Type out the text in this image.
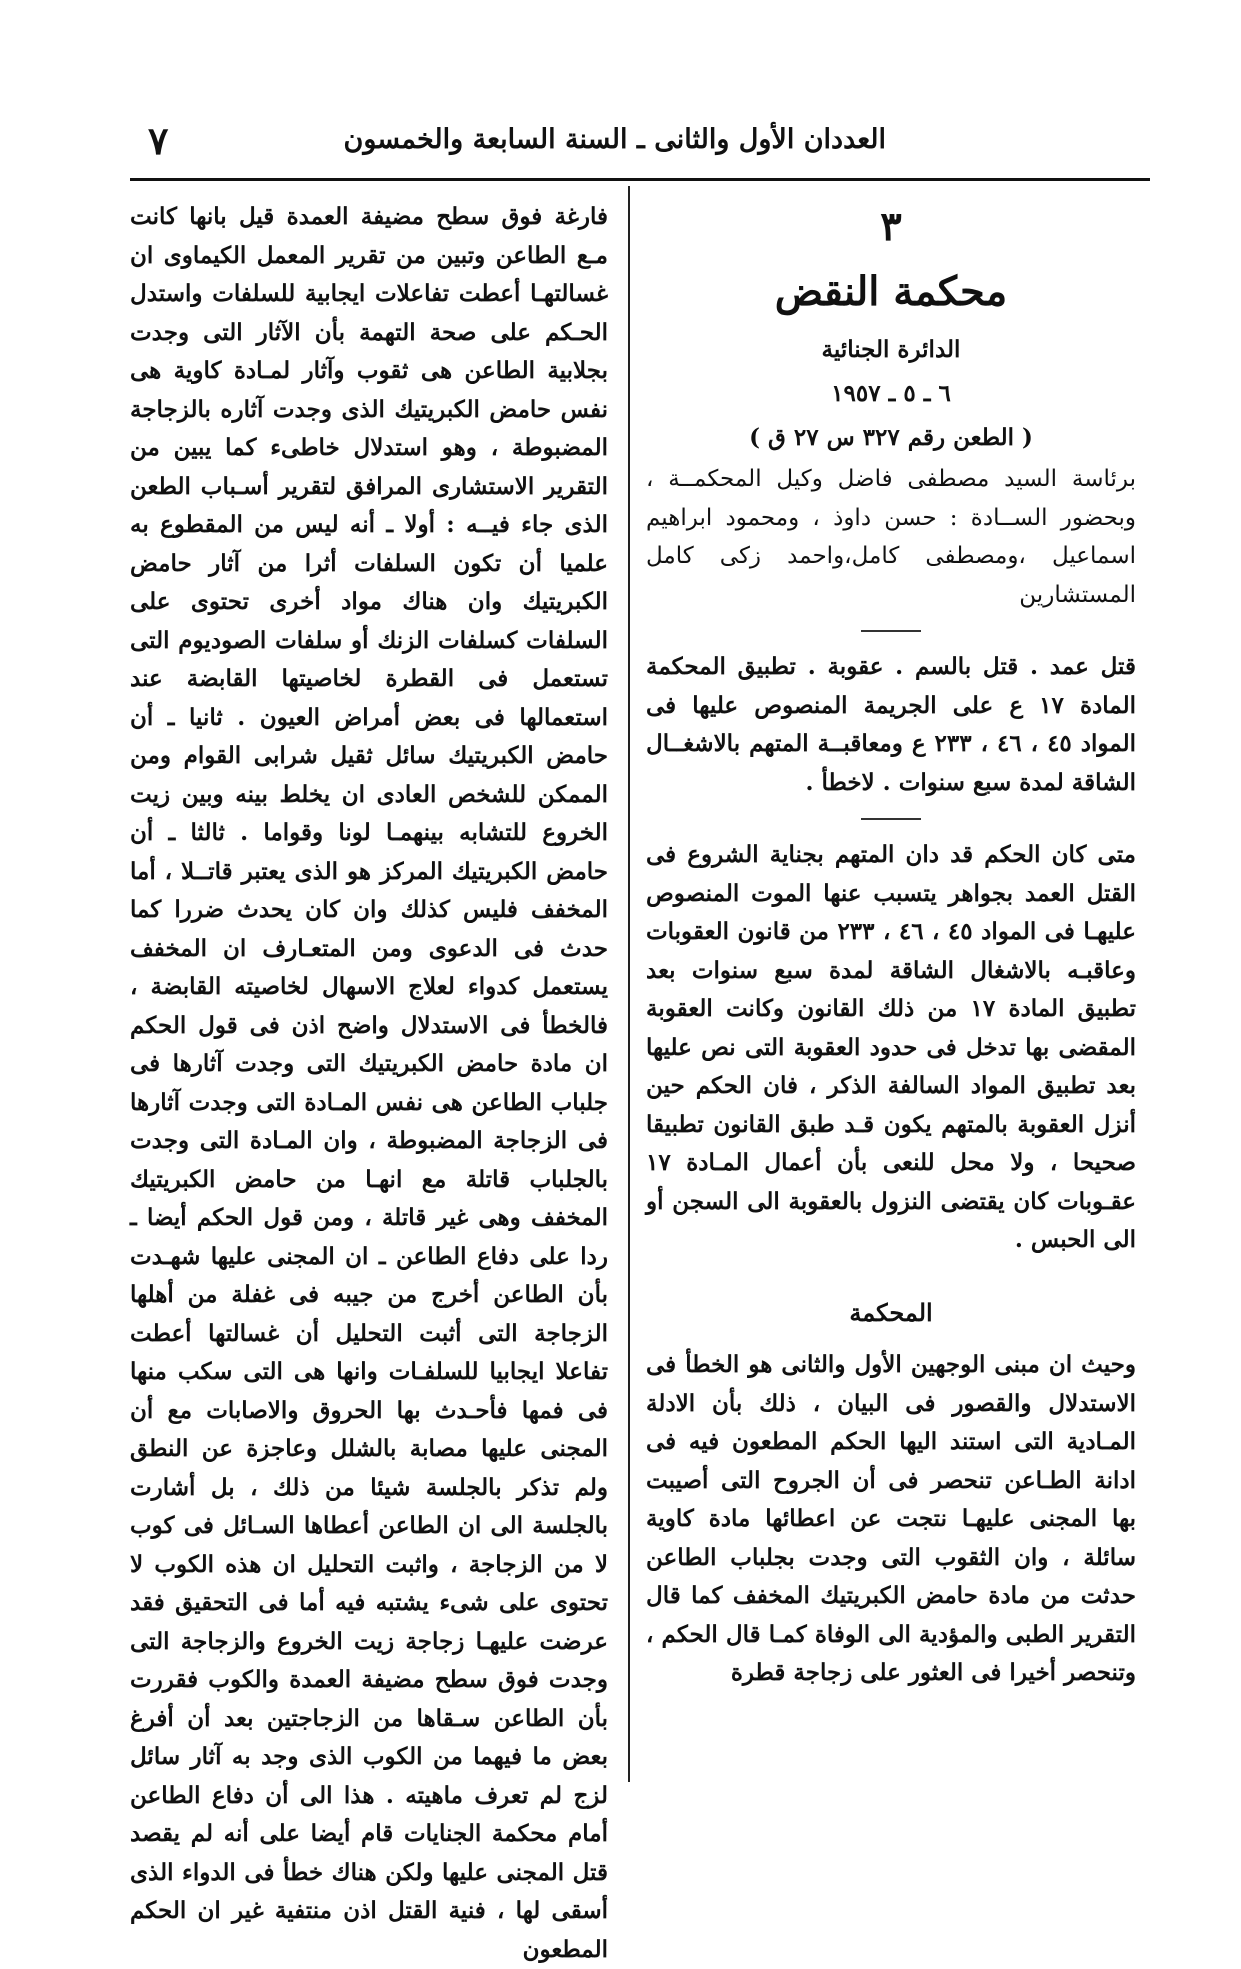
٧	العددان الأول والثانى ـ السنة السابعة والخمسون
٣
محكمة النقض
الدائرة الجنائية
٦ ـ ٥ ـ ١٩٥٧
( الطعن رقم ٣٢٧ س ٢٧ ق )

برئاسة السيد مصطفى فاضل وكيل المحكمــة ، وبحضور الســادة : حسن داوذ ، ومحمود ابراهيم اسماعيل ،ومصطفى كامل،واحمد زكى كامل المستشارين

قتل عمد . قتل بالسم . عقوبة . تطبيق المحكمة المادة ١٧ ع على الجريمة المنصوص عليها فى المواد ٤٥ ، ٤٦ ، ٢٣٣ ع ومعاقبــة المتهم بالاشغــال الشاقة لمدة سبع سنوات . لاخطأ .

متى كان الحكم قد دان المتهم بجناية الشروع فى القتل العمد بجواهر يتسبب عنها الموت المنصوص عليهـا فى المواد ٤٥ ، ٤٦ ، ٢٣٣ من قانون العقوبات وعاقبـه بالاشغال الشاقة لمدة سبع سنوات بعد تطبيق المادة ١٧ من ذلك القانون وكانت العقوبة المقضى بها تدخل فى حدود العقوبة التى نص عليها بعد تطبيق المواد السالفة الذكر ، فان الحكم حين أنزل العقوبة بالمتهم يكون قـد طبق القانون تطبيقا صحيحا ، ولا محل للنعى بأن أعمال المـادة ١٧ عقـوبات كان يقتضى النزول بالعقوبة الى السجن أو الى الحبس .

المحكمة

وحيث ان مبنى الوجهين الأول والثانى هو الخطأ فى الاستدلال والقصور فى البيان ، ذلك بأن الادلة المـادية التى استند اليها الحكم المطعون فيه فى ادانة الطـاعن تنحصر فى أن الجروح التى أصيبت بها المجنى عليهـا نتجت عن اعطائها مادة كاوية سائلة ، وان الثقوب التى وجدت بجلباب الطاعن حدثت من مادة حامض الكبريتيك المخفف كما قال التقرير الطبى والمؤدية الى الوفاة كمـا قال الحكم ، وتنحصر أخيرا فى العثور على زجاجة قطرة

فارغة فوق سطح مضيفة العمدة قيل بانها كانت مـع الطاعن وتبين من تقرير المعمل الكيماوى ان غسالتهـا أعطت تفاعلات ايجابية للسلفات واستدل الحـكم على صحة التهمة بأن الآثار التى وجدت بجلابية الطاعن هى ثقوب وآثار لمـادة كاوية هى نفس حامض الكبريتيك الذى وجدت آثاره بالزجاجة المضبوطة ، وهو استدلال خاطىء كما يبين من التقرير الاستشارى المرافق لتقرير أسـباب الطعن الذى جاء فيــه : أولا ـ أنه ليس من المقطوع به علميا أن تكون السلفات أثرا من آثار حامض الكبريتيك وان هناك مواد أخرى تحتوى على السلفات كسلفات الزنك أو سلفات الصوديوم التى تستعمل فى القطرة لخاصيتها القابضة عند استعمالها فى بعض أمراض العيون . ثانيا ـ أن حامض الكبريتيك سائل ثقيل شرابى القوام ومن الممكن للشخص العادى ان يخلط بينه وبين زيت الخروع للتشابه بينهمـا لونا وقواما . ثالثا ـ أن حامض الكبريتيك المركز هو الذى يعتبر قاتــلا ، أما المخفف فليس كذلك وان كان يحدث ضررا كما حدث فى الدعوى ومن المتعـارف ان المخفف يستعمل كدواء لعلاج الاسهال لخاصيته القابضة ، فالخطأ فى الاستدلال واضح اذن فى قول الحكم ان مادة حامض الكبريتيك التى وجدت آثارها فى جلباب الطاعن هى نفس المـادة التى وجدت آثارها فى الزجاجة المضبوطة ، وان المـادة التى وجدت بالجلباب قاتلة مع انهـا من حامض الكبريتيك المخفف وهى غير قاتلة ، ومن قول الحكم أيضا ـ ردا على دفاع الطاعن ـ ان المجنى عليها شهـدت بأن الطاعن أخرج من جيبه فى غفلة من أهلها الزجاجة التى أثبت التحليل أن غسالتها أعطت تفاعلا ايجابيا للسلفـات وانها هى التى سكب منها فى فمها فأحـدث بها الحروق والاصابات مع أن المجنى عليها مصابة بالشلل وعاجزة عن النطق ولم تذكر بالجلسة شيئا من ذلك ، بل أشارت بالجلسة الى ان الطاعن أعطاها السـائل فى كوب لا من الزجاجة ، واثبت التحليل ان هذه الكوب لا تحتوى على شىء يشتبه فيه أما فى التحقيق فقد عرضت عليهـا زجاجة زيت الخروع والزجاجة التى وجدت فوق سطح مضيفة العمدة والكوب فقررت بأن الطاعن سـقاها من الزجاجتين بعد أن أفرغ بعض ما فيهما من الكوب الذى وجد به آثار سائل لزج لم تعرف ماهيته . هذا الى أن دفاع الطاعن أمام محكمة الجنايات قام أيضا على أنه لم يقصد قتل المجنى عليها ولكن هناك خطأ فى الدواء الذى أسقى لها ، فنية القتل اذن منتفية غير ان الحكم المطعون
